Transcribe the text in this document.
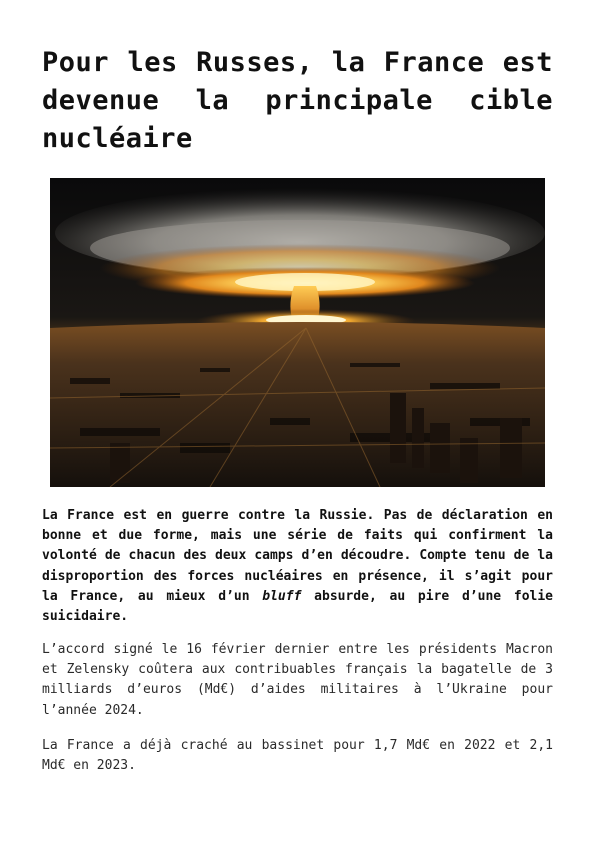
Pour les Russes, la France est devenue la principale cible nucléaire

La France est en guerre contre la Russie. Pas de déclaration en bonne et due forme, mais une série de faits qui confirment la volonté de chacun des deux camps d’en découdre. Compte tenu de la disproportion des forces nucléaires en présence, il s’agit pour la France, au mieux d’un bluff absurde, au pire d’une folie suicidaire.

L’accord signé le 16 février dernier entre les présidents Macron et Zelensky coûtera aux contribuables français la bagatelle de 3 milliards d’euros (Md€) d’aides militaires à l’Ukraine pour l’année 2024.

La France a déjà craché au bassinet pour 1,7 Md€ en 2022 et 2,1 Md€ en 2023.
